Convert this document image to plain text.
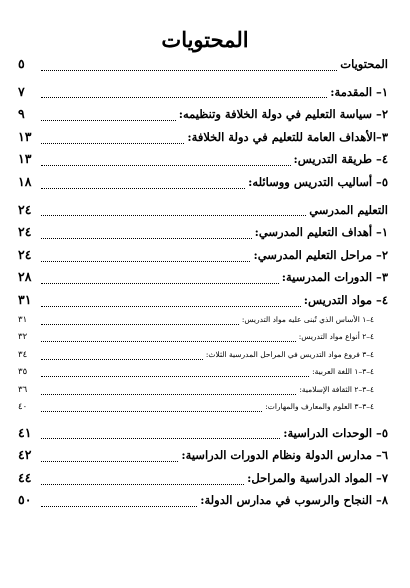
المحتويات
المحتويات
٥
١– المقدمة:
٧
٢– سياسة التعليم في دولة الخلافة وتنظيمه:
٩
٣–الأهداف العامة للتعليم في دولة الخلافة:
١٣
٤– طريقة التدريس:
١٣
٥– أساليب التدريس ووسائله:
١٨
التعليم المدرسي
٢٤
١– أهداف التعليم المدرسي:
٢٤
٢– مراحل التعليم المدرسي:
٢٤
٣– الدورات المدرسية:
٢٨
٤– مواد التدريس:
٣١
٤–١ الأساس الذي تُبنى عليه مواد التدريس:
٣١
٤–٢ أنواع مواد التدريس:
٣٢
٤–٣ فروع مواد التدريس في المراحل المدرسية الثلاث:
٣٤
٤–٣–١ اللغة العربية:
٣٥
٤–٣–٢ الثقافة الإسلامية:
٣٦
٤–٣–٣ العلوم والمعارف والمهارات:
٤٠
٥– الوحدات الدراسية:
٤١
٦– مدارس الدولة ونظام الدورات الدراسية:
٤٢
٧– المواد الدراسية والمراحل:
٤٤
٨– النجاح والرسوب في مدارس الدولة:
٥٠
